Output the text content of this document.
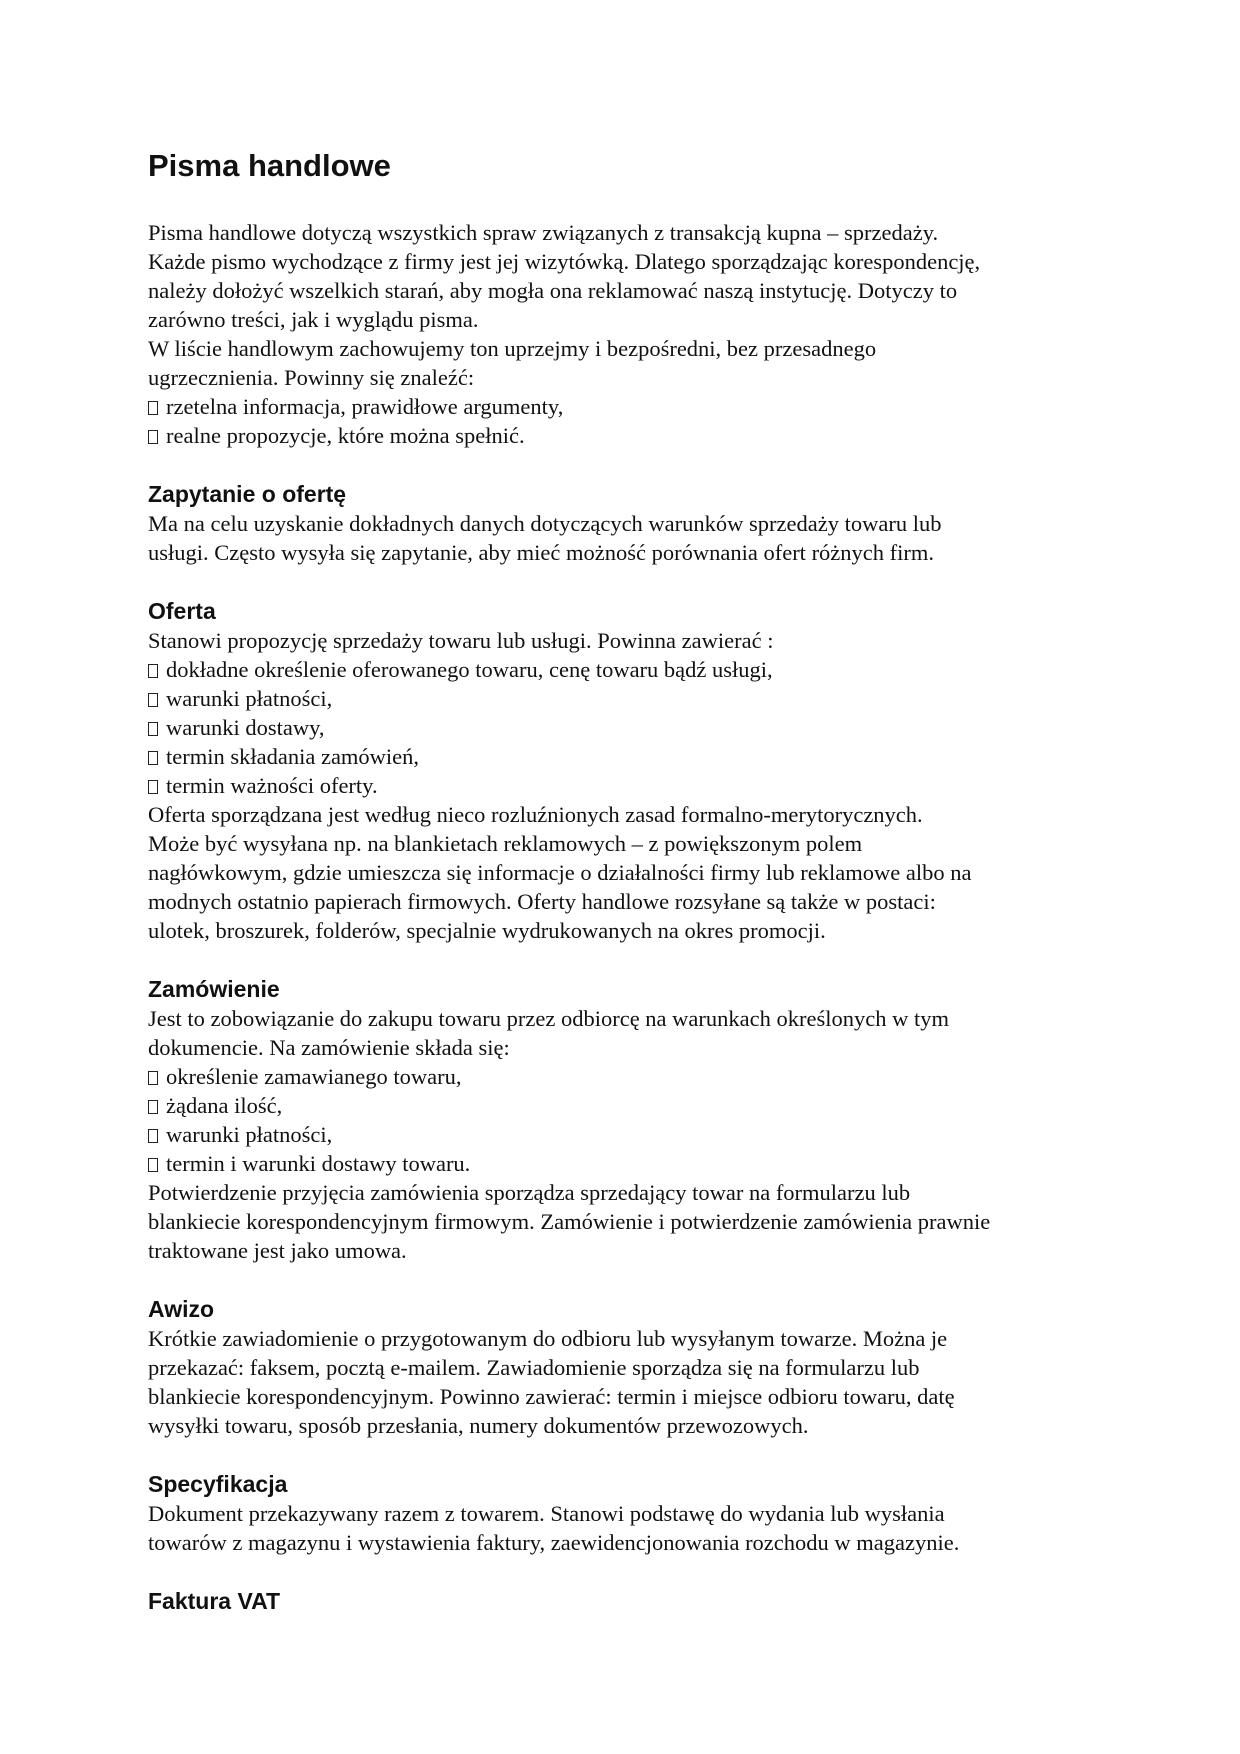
Pisma handlowe

Pisma handlowe dotyczą wszystkich spraw związanych z transakcją kupna – sprzedaży.

Każde pismo wychodzące z firmy jest jej wizytówką. Dlatego sporządzając korespondencję,

należy dołożyć wszelkich starań, aby mogła ona reklamować naszą instytucję. Dotyczy to

zarówno treści, jak i wyglądu pisma.

W liście handlowym zachowujemy ton uprzejmy i bezpośredni, bez przesadnego

ugrzecznienia. Powinny się znaleźć:

rzetelna informacja, prawidłowe argumenty,

realne propozycje, które można spełnić.

Zapytanie o ofertę

Ma na celu uzyskanie dokładnych danych dotyczących warunków sprzedaży towaru lub

usługi. Często wysyła się zapytanie, aby mieć możność porównania ofert różnych firm.

Oferta

Stanowi propozycję sprzedaży towaru lub usługi. Powinna zawierać :

dokładne określenie oferowanego towaru, cenę towaru bądź usługi,

warunki płatności,

warunki dostawy,

termin składania zamówień,

termin ważności oferty.

Oferta sporządzana jest według nieco rozluźnionych zasad formalno-merytorycznych.

Może być wysyłana np. na blankietach reklamowych – z powiększonym polem

nagłówkowym, gdzie umieszcza się informacje o działalności firmy lub reklamowe albo na

modnych ostatnio papierach firmowych. Oferty handlowe rozsyłane są także w postaci:

ulotek, broszurek, folderów, specjalnie wydrukowanych na okres promocji.

Zamówienie

Jest to zobowiązanie do zakupu towaru przez odbiorcę na warunkach określonych w tym

dokumencie. Na zamówienie składa się:

określenie zamawianego towaru,

żądana ilość,

warunki płatności,

termin i warunki dostawy towaru.

Potwierdzenie przyjęcia zamówienia sporządza sprzedający towar na formularzu lub

blankiecie korespondencyjnym firmowym. Zamówienie i potwierdzenie zamówienia prawnie

traktowane jest jako umowa.

Awizo

Krótkie zawiadomienie o przygotowanym do odbioru lub wysyłanym towarze. Można je

przekazać: faksem, pocztą e-mailem. Zawiadomienie sporządza się na formularzu lub

blankiecie korespondencyjnym. Powinno zawierać: termin i miejsce odbioru towaru, datę

wysyłki towaru, sposób przesłania, numery dokumentów przewozowych.

Specyfikacja

Dokument przekazywany razem z towarem. Stanowi podstawę do wydania lub wysłania

towarów z magazynu i wystawienia faktury, zaewidencjonowania rozchodu w magazynie.

Faktura VAT
